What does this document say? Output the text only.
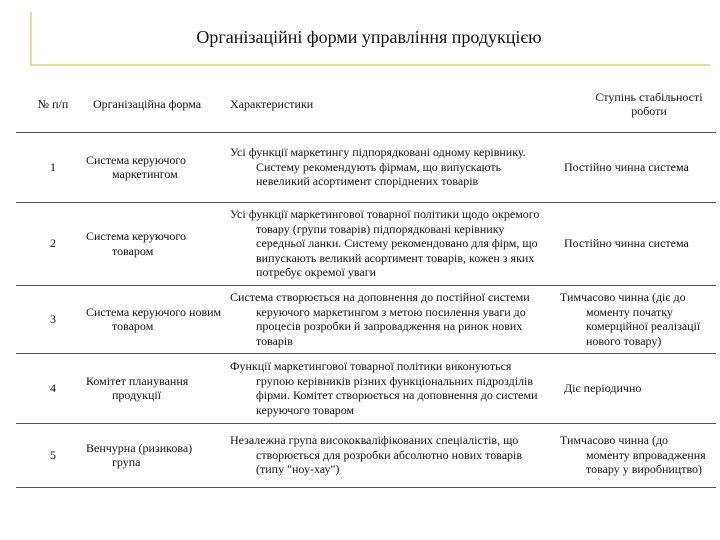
Організаційні форми управління продукцією
№ п/п	Організаційна форма	Характеристики	Ступінь стабільності роботи
1	Система керуючого маркетингом	Усі функції маркетингу підпорядковані одному керівнику. Систему рекомендують фірмам, що випускають невеликий асортимент споріднених товарів	Постійно чинна система
2	Система керуючого товаром	Усі функції маркетингової товарної політики щодо окремого товару (групи товарів) підпорядковані керівнику середньої ланки. Систему рекомендовано для фірм, що випускають великий асортимент товарів, кожен з яких потребує окремої уваги	Постійно чинна система
3	Система керуючого новим товаром	Система створюється на доповнення до постійної системи керуючого маркетингом з метою посилення уваги до процесів розробки й запровадження на ринок нових товарів	Тимчасово чинна (діє до моменту початку комерційної реалізації нового товару)
4	Комітет планування продукції	Функції маркетингової товарної політики виконуються групою керівників різних функціональних підрозділів фірми. Комітет створюється на доповнення до системи керуючого товаром	Діє періодично
5	Венчурна (ризикова) група	Незалежна група висококваліфікованих спеціалістів, що створюється для розробки абсолютно нових товарів (типу "ноу-хау")	Тимчасово чинна (до моменту впровадження товару у виробництво)
